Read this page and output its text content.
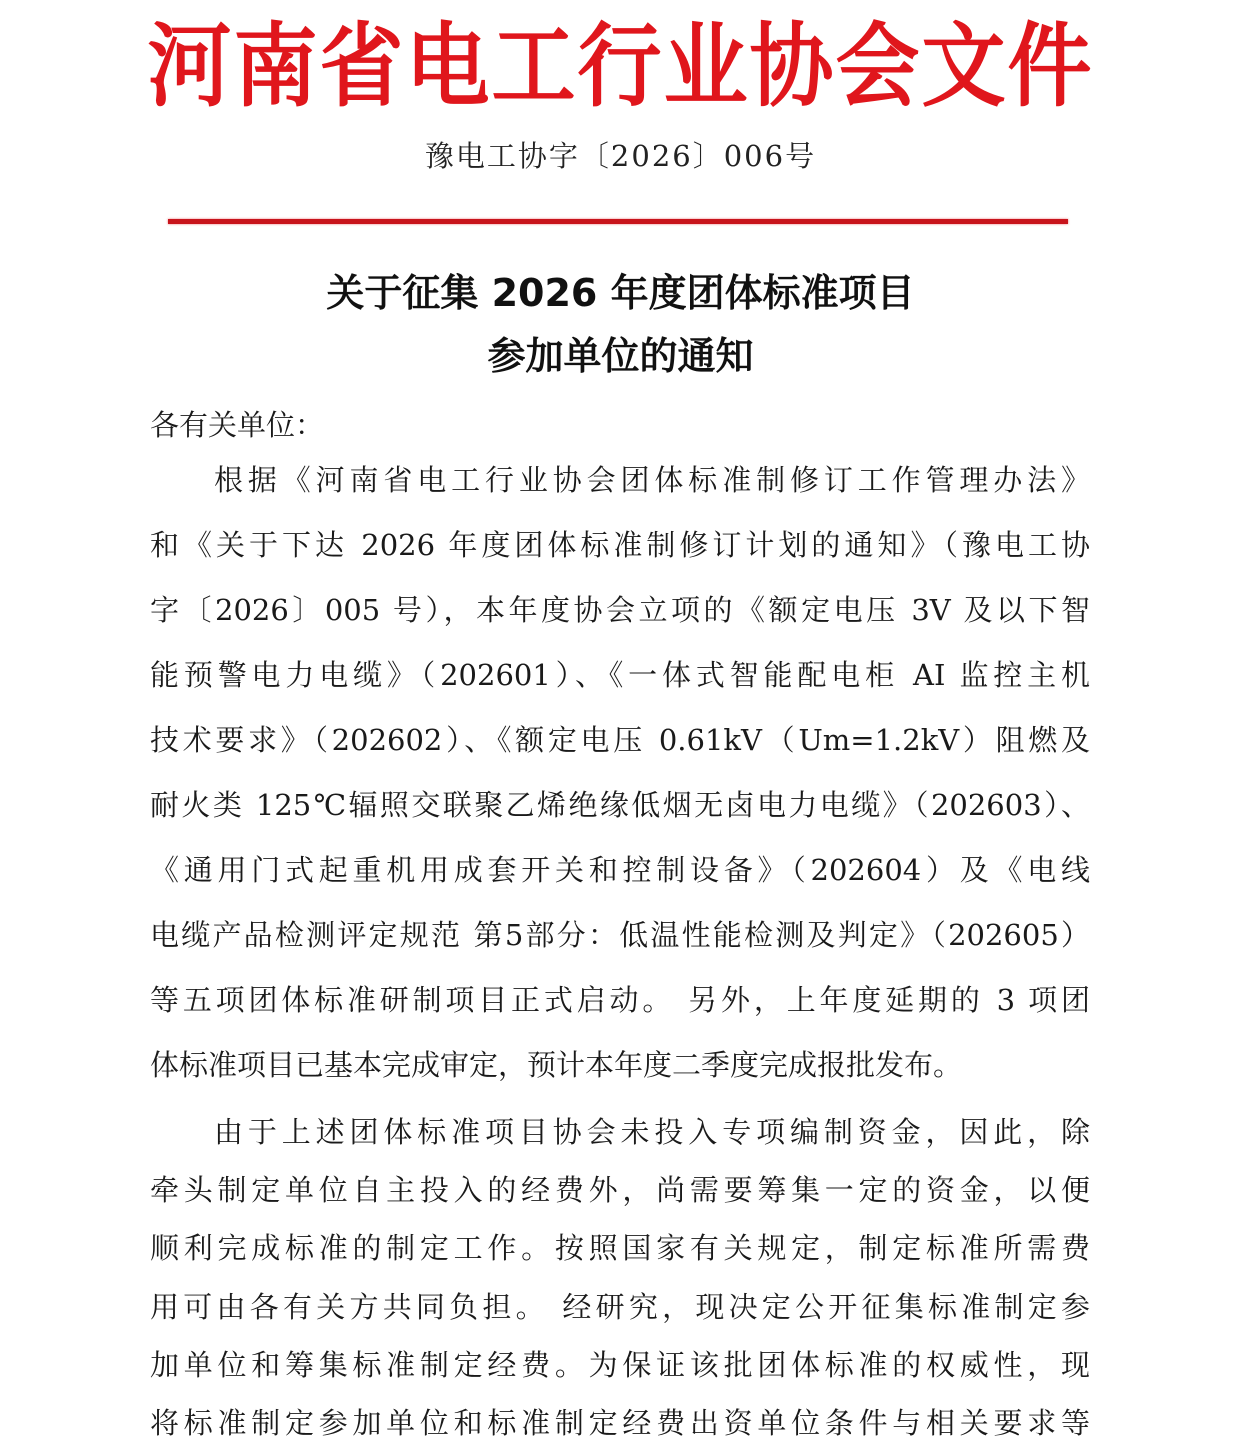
河南省电工行业协会文件
豫电工协字〔2026〕006号
关于征集 2026 年度团体标准项目
参加单位的通知
各有关单位：
根据《河南省电工行业协会团体标准制修订工作管理办法》
和《关于下达 2026 年度团体标准制修订计划的通知》（豫电工协
字〔2026〕005 号），本年度协会立项的《额定电压 3V 及以下智
能预警电力电缆》（202601）、《一体式智能配电柜 AI 监控主机
技术要求》（202602）、《额定电压 0.61kV（Um=1.2kV）阻燃及
耐火类 125℃辐照交联聚乙烯绝缘低烟无卤电力电缆》（202603）、
《通用门式起重机用成套开关和控制设备》（202604）及《电线
电缆产品检测评定规范 第5部分：低温性能检测及判定》（202605）
等五项团体标准研制项目正式启动。 另外，上年度延期的 3 项团
体标准项目已基本完成审定，预计本年度二季度完成报批发布。
由于上述团体标准项目协会未投入专项编制资金，因此，除
牵头制定单位自主投入的经费外，尚需要筹集一定的资金，以便
顺利完成标准的制定工作。按照国家有关规定，制定标准所需费
用可由各有关方共同负担。 经研究，现决定公开征集标准制定参
加单位和筹集标准制定经费。为保证该批团体标准的权威性，现
将标准制定参加单位和标准制定经费出资单位条件与相关要求等
